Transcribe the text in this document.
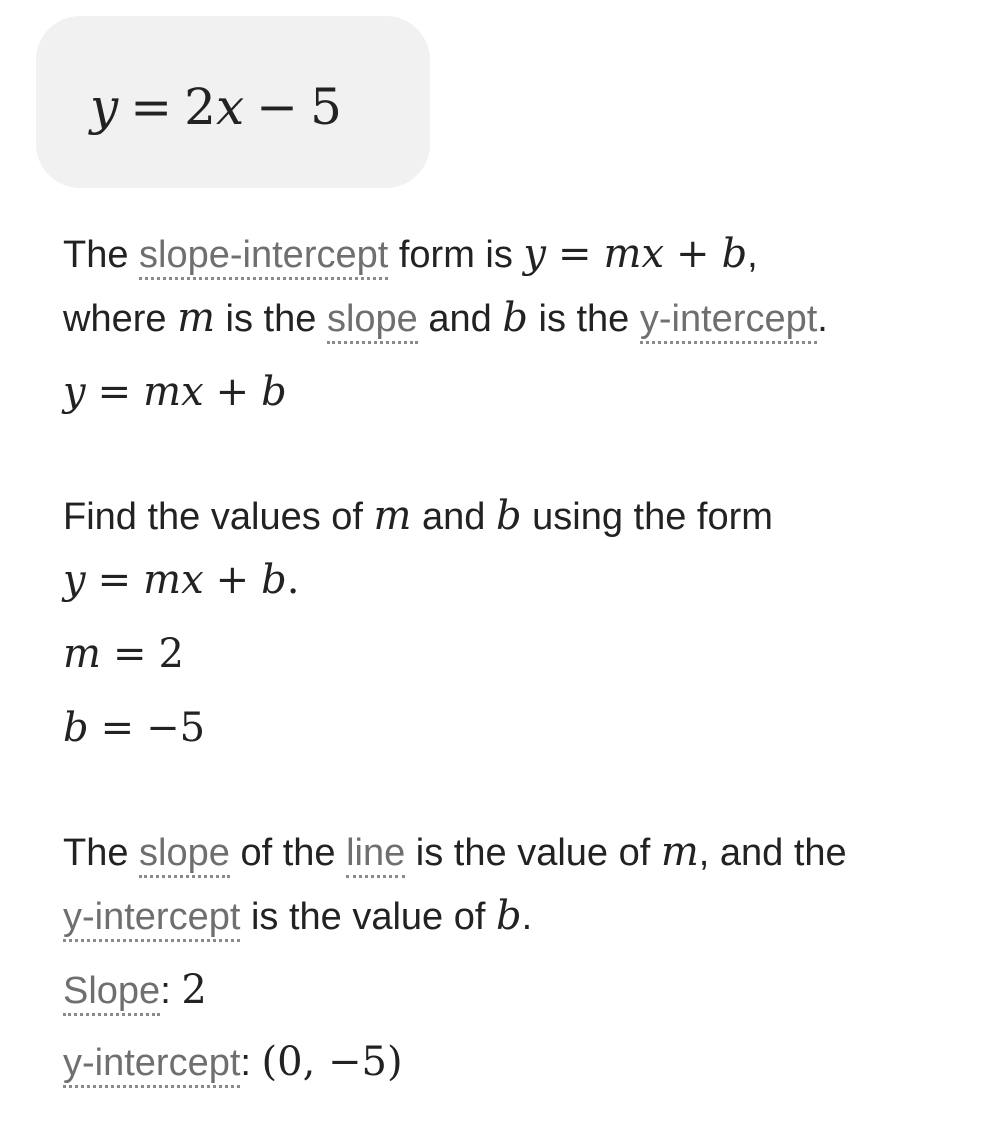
y = 2x − 5
The slope-intercept form is y = mx + b,
where m is the slope and b is the y-intercept.
y = mx + b
Find the values of m and b using the form
y = mx + b.
m = 2
b = −5
The slope of the line is the value of m, and the
y-intercept is the value of b.
Slope: 2
y-intercept: (0, −5)
